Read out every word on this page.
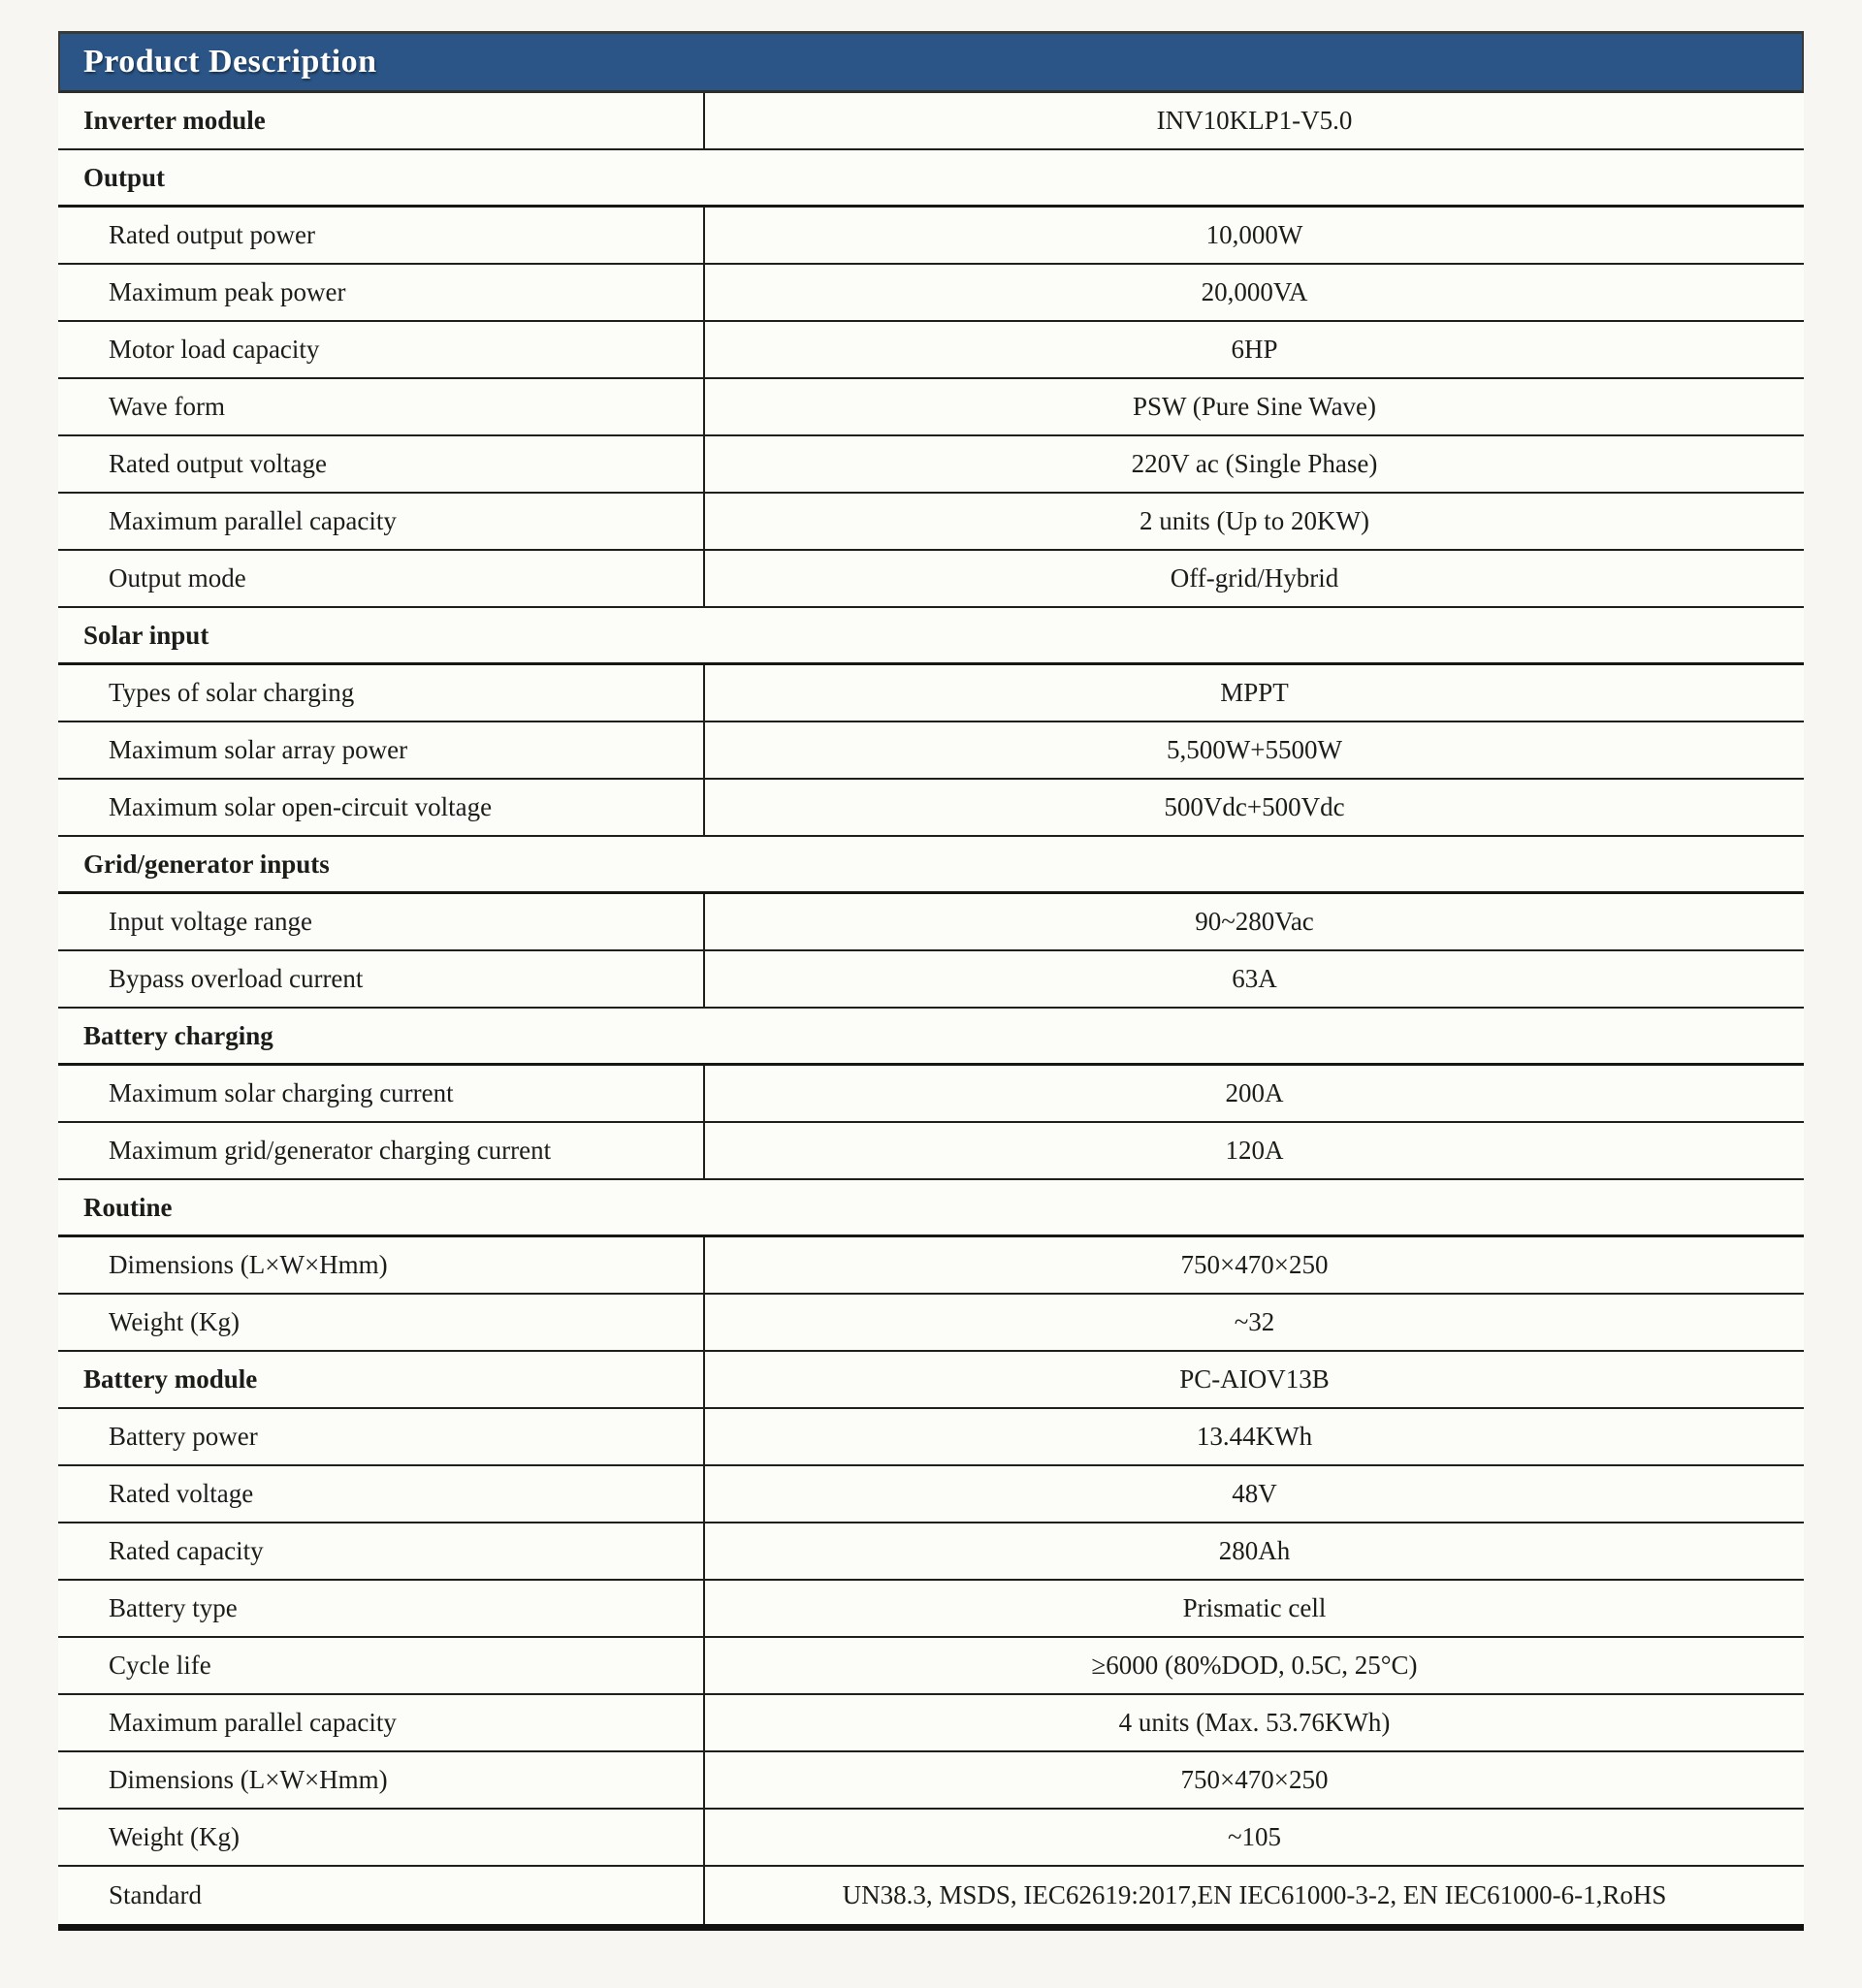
Product Description
Inverter module	INV10KLP1-V5.0
Output
Rated output power	10,000W
Maximum peak power	20,000VA
Motor load capacity	6HP
Wave form	PSW (Pure Sine Wave)
Rated output voltage	220V ac (Single Phase)
Maximum parallel capacity	2 units (Up to 20KW)
Output mode	Off-grid/Hybrid
Solar input
Types of solar charging	MPPT
Maximum solar array power	5,500W+5500W
Maximum solar open-circuit voltage	500Vdc+500Vdc
Grid/generator inputs
Input voltage range	90~280Vac
Bypass overload current	63A
Battery charging
Maximum solar charging current	200A
Maximum grid/generator charging current	120A
Routine
Dimensions (L×W×Hmm)	750×470×250
Weight (Kg)	~32
Battery module	PC-AIOV13B
Battery power	13.44KWh
Rated voltage	48V
Rated capacity	280Ah
Battery type	Prismatic cell
Cycle life	≥6000 (80%DOD, 0.5C, 25°C)
Maximum parallel capacity	4 units (Max. 53.76KWh)
Dimensions (L×W×Hmm)	750×470×250
Weight (Kg)	~105
Standard	UN38.3, MSDS, IEC62619:2017,EN IEC61000-3-2, EN IEC61000-6-1,RoHS
